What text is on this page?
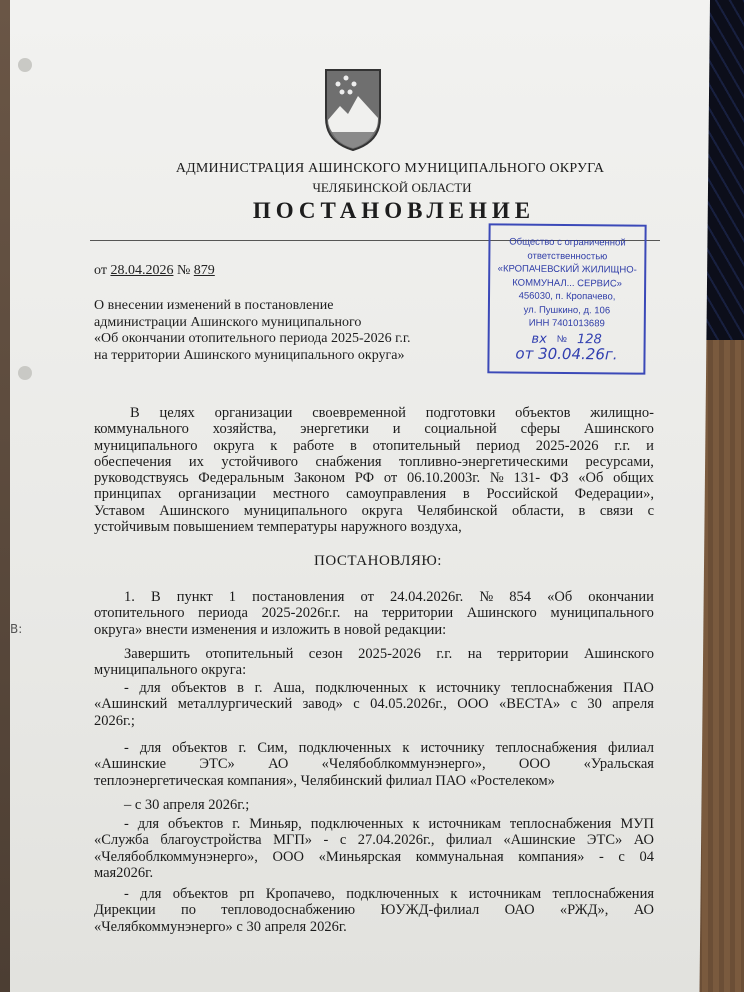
АДМИНИСТРАЦИЯ АШИНСКОГО МУНИЦИПАЛЬНОГО ОКРУГА
ЧЕЛЯБИНСКОЙ ОБЛАСТИ
ПОСТАНОВЛЕНИЕ
от 28.04.2026 № 879
О внесении изменений в постановление
администрации Ашинского муниципального
«Об окончании отопительного периода 2025-2026 г.г.
на территории Ашинского муниципального округа»
Общество с ограниченной
ответственностью
«КРОПАЧЕВСКИЙ ЖИЛИЩНО-
КОММУНАЛ... СЕРВИС»
456030, п. Кропачево,
ул. Пушкино, д. 106
ИНН 7401013689
вх № 128
от 30.04.26г.
В целях организации своевременной подготовки объектов жилищно-
коммунального хозяйства, энергетики и социальной сферы Ашинского
муниципального округа к работе в отопительный период 2025-2026 г.г. и
обеспечения их устойчивого снабжения топливно-энергетическими ресурсами,
руководствуясь Федеральным Законом РФ от 06.10.2003г. № 131- ФЗ «Об общих
принципах организации местного самоуправления в Российской Федерации»,
Уставом Ашинского муниципального округа Челябинской области, в связи с
устойчивым повышением температуры наружного воздуха,
ПОСТАНОВЛЯЮ:
1. В пункт 1 постановления от 24.04.2026г. № 854 «Об окончании
отопительного периода 2025-2026г.г. на территории Ашинского муниципального
округа» внести изменения и изложить в новой редакции:
Завершить отопительный сезон 2025-2026 г.г. на территории Ашинского
муниципального округа:
- для объектов в г. Аша, подключенных к источнику теплоснабжения ПАО
«Ашинский металлургический завод» с 04.05.2026г., ООО «ВЕСТА» с 30 апреля
2026г.;
- для объектов г. Сим, подключенных к источнику теплоснабжения филиал
«Ашинские ЭТС» АО «Челябоблкоммунэнерго», ООО «Уральская
теплоэнергетическая компания», Челябинский филиал ПАО «Ростелеком»
– с 30 апреля 2026г.;
- для объектов г. Миньяр, подключенных к источникам теплоснабжения МУП
«Служба благоустройства МГП» - с 27.04.2026г., филиал «Ашинские ЭТС» АО
«Челябоблкоммунэнерго», ООО «Миньярская коммунальная компания» - с 04
мая2026г.
- для объектов рп Кропачево, подключенных к источникам теплоснабжения
Дирекции по тепловодоснабжению ЮУЖД-филиал ОАО «РЖД», АО
«Челябкоммунэнерго» с 30 апреля 2026г.
В:
